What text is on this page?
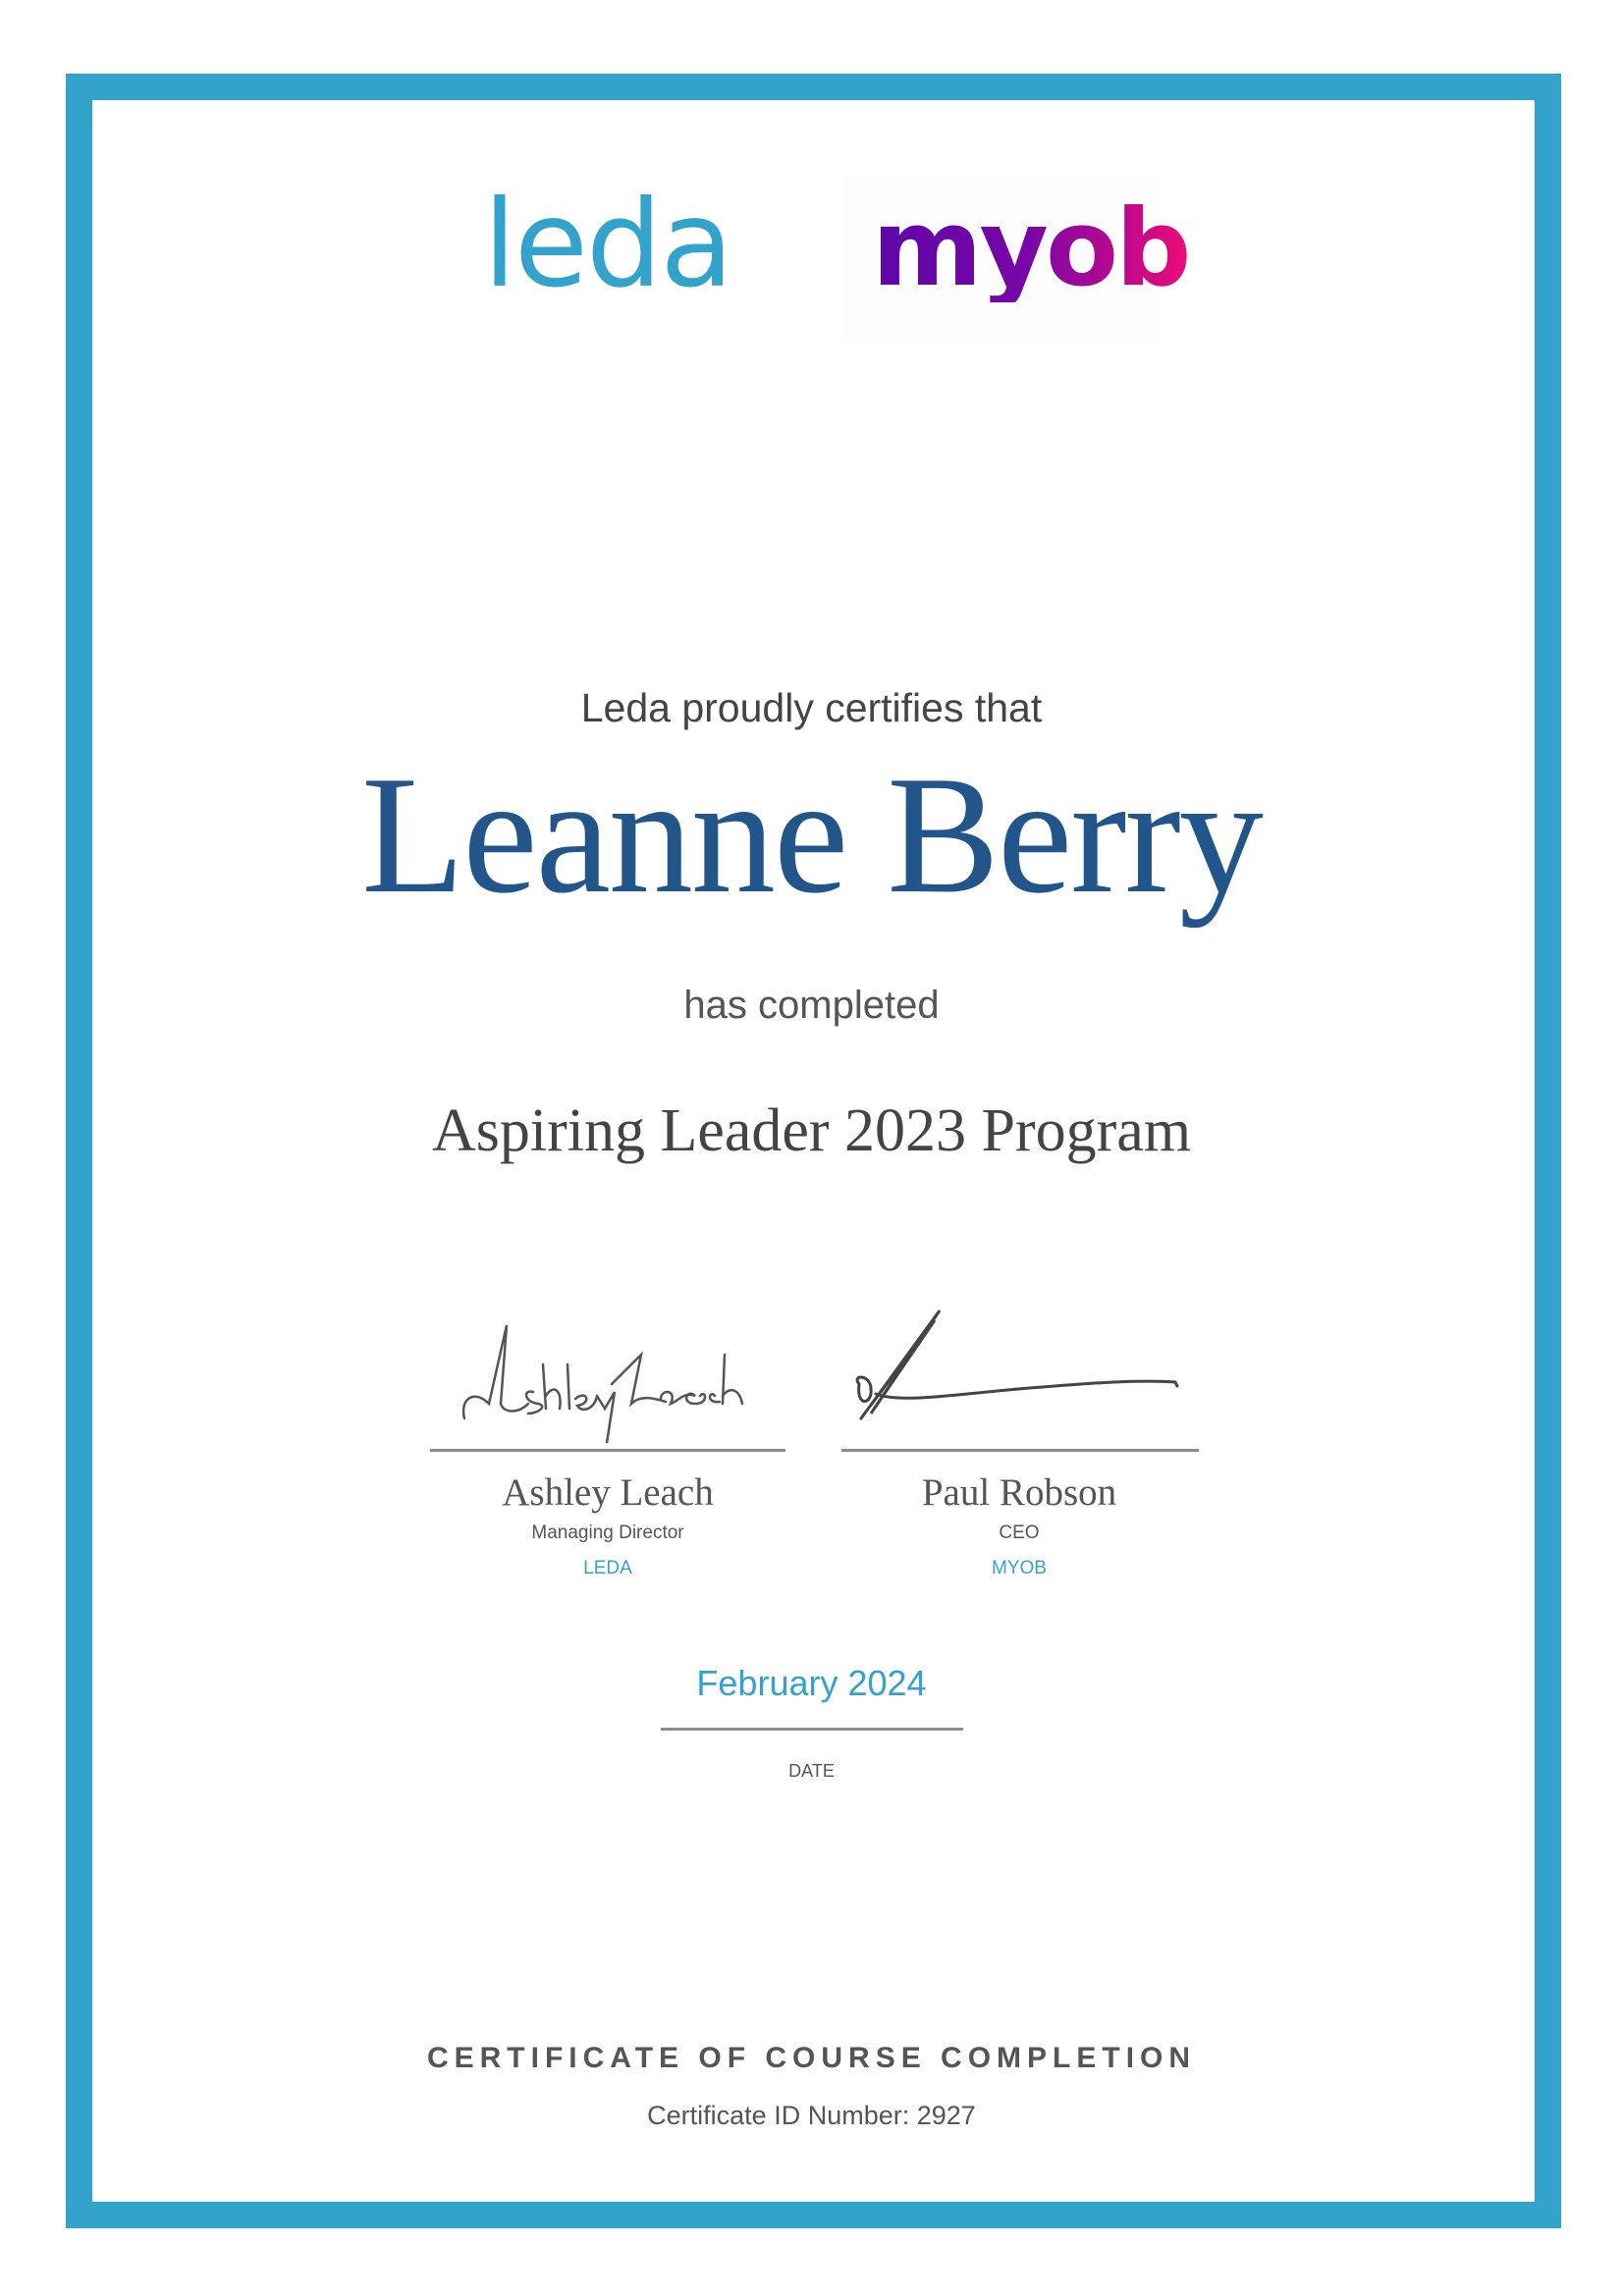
leda myob
Leda proudly certifies that
Leanne Berry
has completed
Aspiring Leader 2023 Program
Ashley Leach
Managing Director
LEDA
Paul Robson
CEO
MYOB
February 2024
DATE
CERTIFICATE OF COURSE COMPLETION
Certificate ID Number: 2927
